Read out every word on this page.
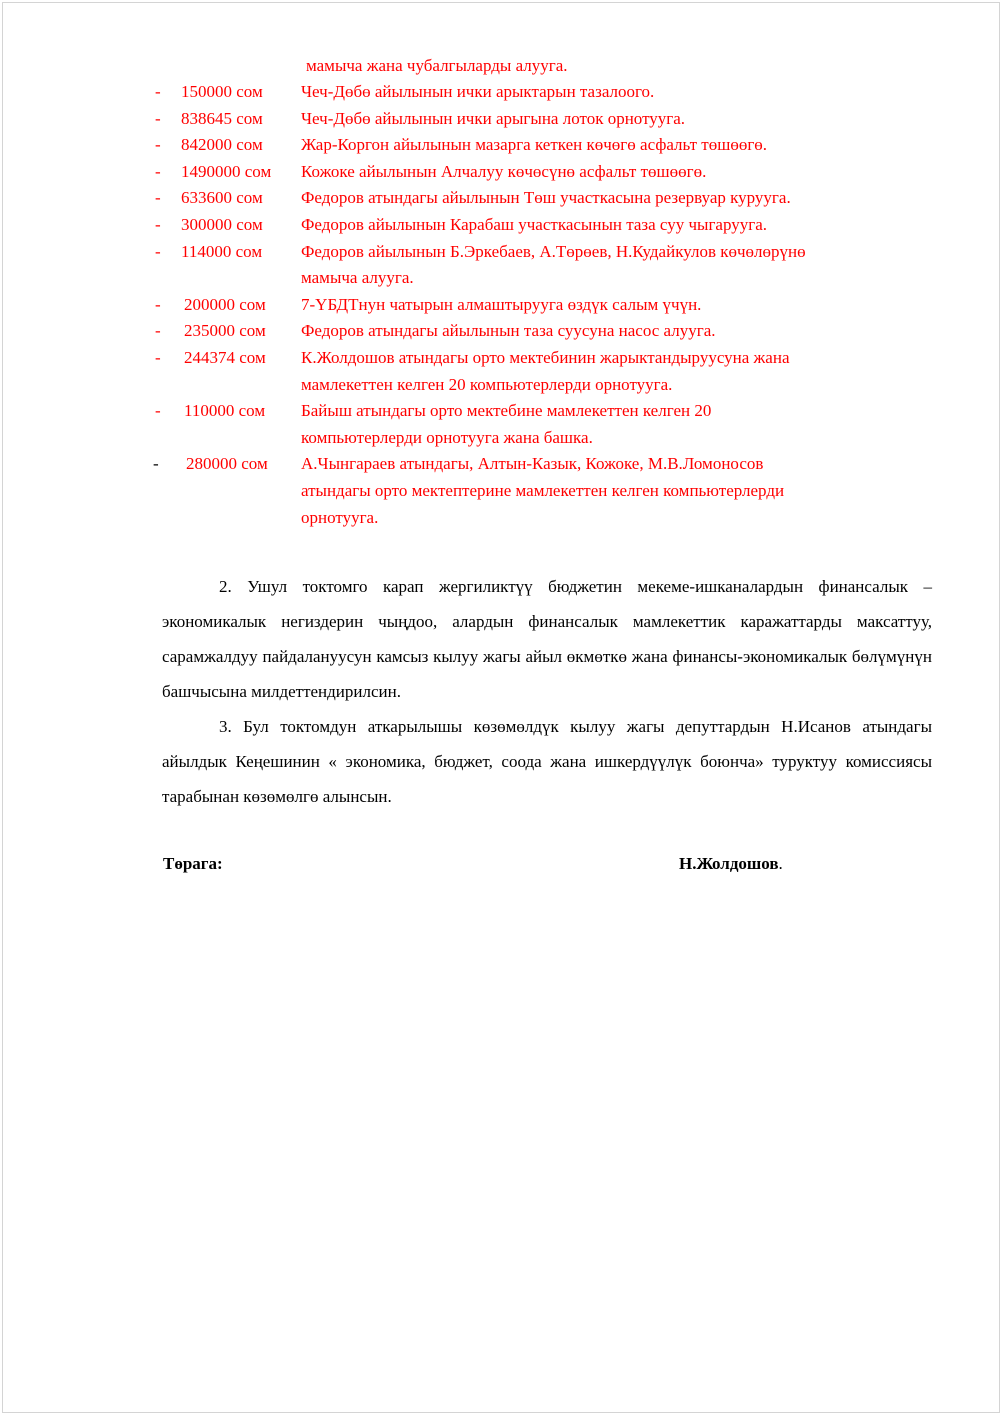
мамыча жана чубалгыларды алууга.
- 150000 сом Чеч-Дөбө айылынын ички арыктарын тазалоого.
- 838645 сом Чеч-Дөбө айылынын ички арыгына лоток орнотууга.
- 842000 сом Жар-Коргон айылынын мазарга кеткен көчөгө асфальт төшөөгө.
- 1490000 сом Кожоке айылынын Алчалуу көчөсүнө асфальт төшөөгө.
- 633600 сом Федоров атындагы айылынын Төш участкасына резервуар курууга.
- 300000 сом Федоров айылынын Карабаш участкасынын таза суу чыгарууга.
- 114000 сом Федоров айылынын Б.Эркебаев, А.Төрөев, Н.Кудайкулов көчөлөрүнө
мамыча алууга.
- 200000 сом 7-ҮБДТнун чатырын алмаштырууга өздүк салым үчүн.
- 235000 сом Федоров атындагы айылынын таза суусуна насос алууга.
- 244374 сом К.Жолдошов атындагы орто мектебинин жарыктандыруусуна жана
мамлекеттен келген 20 компьютерлерди орнотууга.
- 110000 сом Байыш атындагы орто мектебине мамлекеттен келген 20
компьютерлерди орнотууга жана башка.
- 280000 сом А.Чынгараев атындагы, Алтын-Казык, Кожоке, М.В.Ломоносов
атындагы орто мектептерине мамлекеттен келген компьютерлерди
орнотууга.

2. Ушул токтомго карап жергиликтүү бюджетин мекеме-ишканалардын финансалык – экономикалык негиздерин чыңдоо, алардын финансалык мамлекеттик каражаттарды максаттуу, сарамжалдуу пайдалануусун камсыз кылуу жагы айыл өкмөткө жана финансы-экономикалык бөлүмүнүн башчысына милдеттендирилсин.

3. Бул токтомдун аткарылышы көзөмөлдүк кылуу жагы депуттардын Н.Исанов атындагы айылдык Кеңешинин « экономика, бюджет, соода жана ишкердүүлүк боюнча» туруктуу комиссиясы тарабынан көзөмөлгө алынсын.

Төрага:	Н.Жолдошов.
